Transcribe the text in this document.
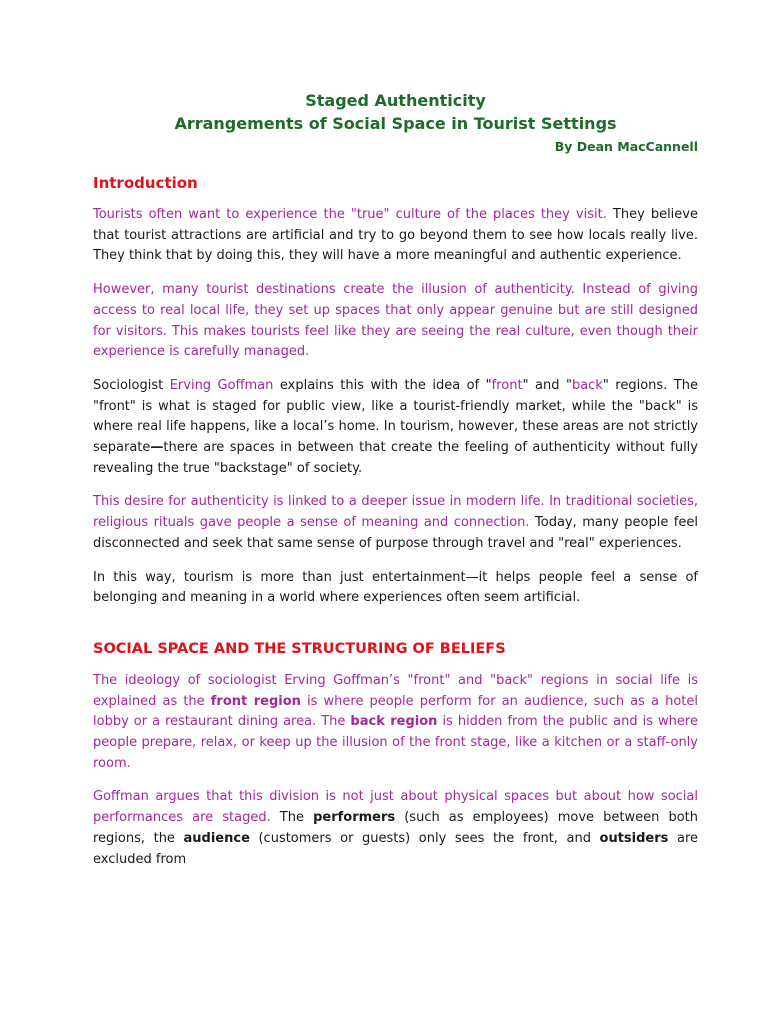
Staged Authenticity
Arrangements of Social Space in Tourist Settings
By Dean MacCannell
Introduction

Tourists often want to experience the "true" culture of the places they visit. They believe that tourist attractions are artificial and try to go beyond them to see how locals really live. They think that by doing this, they will have a more meaningful and authentic experience.

However, many tourist destinations create the illusion of authenticity. Instead of giving access to real local life, they set up spaces that only appear genuine but are still designed for visitors. This makes tourists feel like they are seeing the real culture, even though their experience is carefully managed.

Sociologist Erving Goffman explains this with the idea of "front" and "back" regions. The "front" is what is staged for public view, like a tourist-friendly market, while the "back" is where real life happens, like a local’s home. In tourism, however, these areas are not strictly separate—there are spaces in between that create the feeling of authenticity without fully revealing the true "backstage" of society.

This desire for authenticity is linked to a deeper issue in modern life. In traditional societies, religious rituals gave people a sense of meaning and connection. Today, many people feel disconnected and seek that same sense of purpose through travel and "real" experiences.

In this way, tourism is more than just entertainment—it helps people feel a sense of belonging and meaning in a world where experiences often seem artificial.

SOCIAL SPACE AND THE STRUCTURING OF BELIEFS

The ideology of sociologist Erving Goffman’s "front" and "back" regions in social life is explained as the front region is where people perform for an audience, such as a hotel lobby or a restaurant dining area. The back region is hidden from the public and is where people prepare, relax, or keep up the illusion of the front stage, like a kitchen or a staff-only room.

Goffman argues that this division is not just about physical spaces but about how social performances are staged. The performers (such as employees) move between both regions, the audience (customers or guests) only sees the front, and outsiders are excluded from
